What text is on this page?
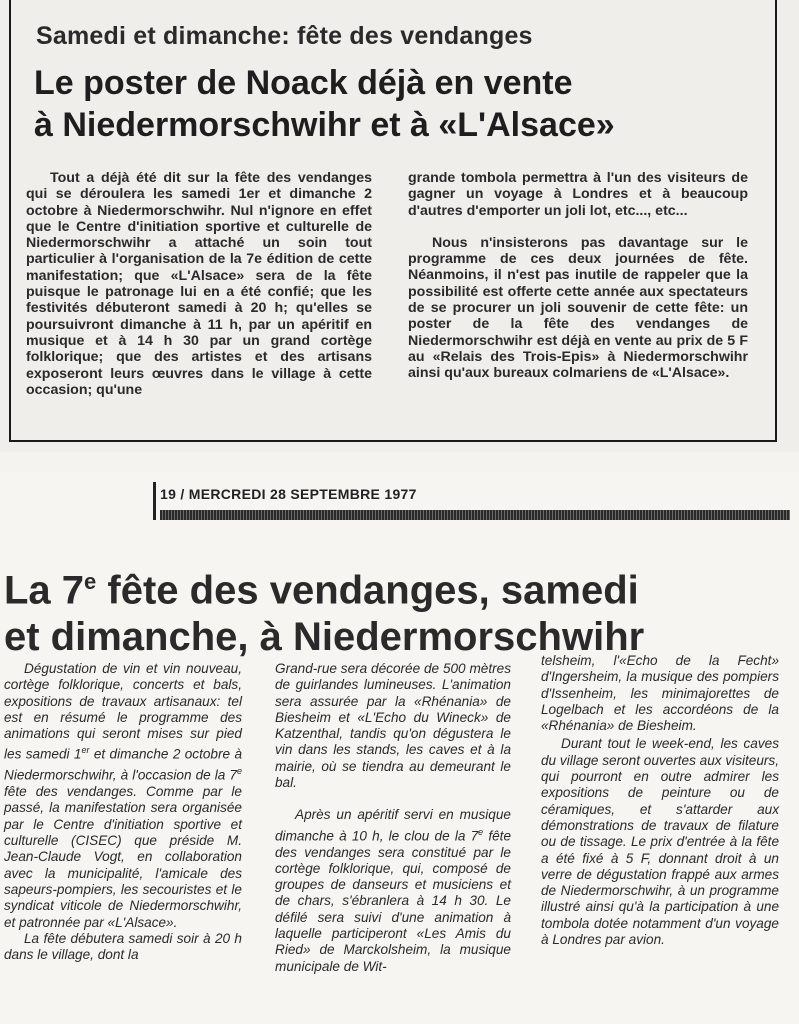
Samedi et dimanche: fête des vendanges
Le poster de Noack déjà en vente
à Niedermorschwihr et à «L'Alsace»

Tout a déjà été dit sur la fête des vendanges qui se déroulera les samedi 1er et dimanche 2 octobre à Niedermorschwihr. Nul n'ignore en effet que le Centre d'initiation sportive et culturelle de Niedermorschwihr a attaché un soin tout particulier à l'organisation de la 7e édition de cette manifestation; que «L'Alsace» sera de la fête puisque le patronage lui en a été confié; que les festivités débuteront samedi à 20 h; qu'elles se poursuivront dimanche à 11 h, par un apéritif en musique et à 14 h 30 par un grand cortège folklorique; que des artistes et des artisans exposeront leurs œuvres dans le village à cette occasion; qu'une

grande tombola permettra à l'un des visiteurs de gagner un voyage à Londres et à beaucoup d'autres d'emporter un joli lot, etc..., etc...

Nous n'insisterons pas davantage sur le programme de ces deux journées de fête. Néanmoins, il n'est pas inutile de rappeler que la possibilité est offerte cette année aux spectateurs de se procurer un joli souvenir de cette fête: un poster de la fête des vendanges de Niedermorschwihr est déjà en vente au prix de 5 F au «Relais des Trois-Epis» à Niedermorschwihr ainsi qu'aux bureaux colmariens de «L'Alsace».

19 / MERCREDI 28 SEPTEMBRE 1977
La 7e fête des vendanges, samedi
et dimanche, à Niedermorschwihr

Dégustation de vin et vin nouveau, cortège folklorique, concerts et bals, expositions de travaux artisanaux: tel est en résumé le programme des animations qui seront mises sur pied les samedi 1er et dimanche 2 octobre à Niedermorschwihr, à l'occasion de la 7e fête des vendanges. Comme par le passé, la manifestation sera organisée par le Centre d'initiation sportive et culturelle (CISEC) que préside M. Jean-Claude Vogt, en collaboration avec la municipalité, l'amicale des sapeurs-pompiers, les secouristes et le syndicat viticole de Niedermorschwihr, et patronnée par «L'Alsace».

La fête débutera samedi soir à 20 h dans le village, dont la

Grand-rue sera décorée de 500 mètres de guirlandes lumineuses. L'animation sera assurée par la «Rhénania» de Biesheim et «L'Echo du Wineck» de Katzenthal, tandis qu'on dégustera le vin dans les stands, les caves et à la mairie, où se tiendra au demeurant le bal.

Après un apéritif servi en musique dimanche à 10 h, le clou de la 7e fête des vendanges sera constitué par le cortège folklorique, qui, composé de groupes de danseurs et musiciens et de chars, s'ébranlera à 14 h 30. Le défilé sera suivi d'une animation à laquelle participeront «Les Amis du Ried» de Marckolsheim, la musique municipale de Wit-

telsheim, l'«Echo de la Fecht» d'Ingersheim, la musique des pompiers d'Issenheim, les minimajorettes de Logelbach et les accordéons de la «Rhénania» de Biesheim.

Durant tout le week-end, les caves du village seront ouvertes aux visiteurs, qui pourront en outre admirer les expositions de peinture ou de céramiques, et s'attarder aux démonstrations de travaux de filature ou de tissage. Le prix d'entrée à la fête a été fixé à 5 F, donnant droit à un verre de dégustation frappé aux armes de Niedermorschwihr, à un programme illustré ainsi qu'à la participation à une tombola dotée notamment d'un voyage à Londres par avion.
